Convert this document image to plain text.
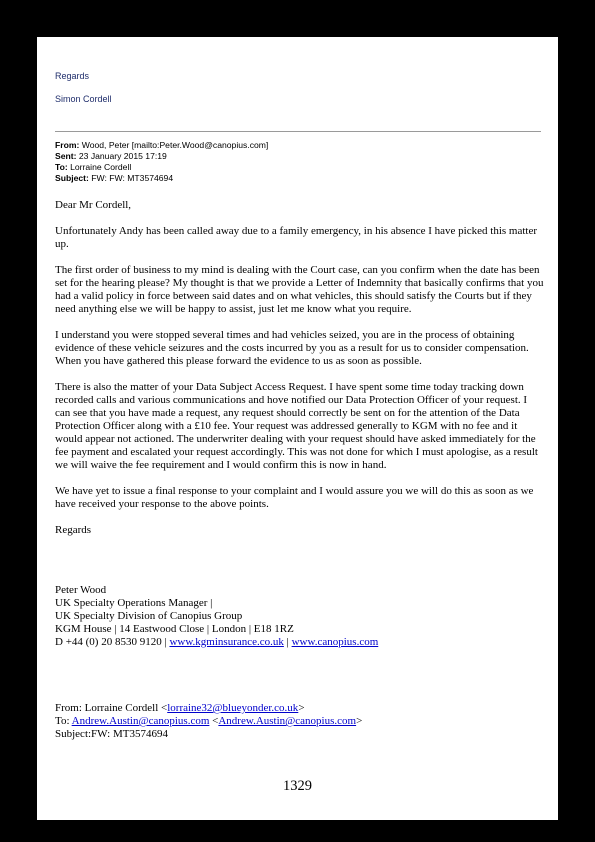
Regards
Simon Cordell
From: Wood, Peter [mailto:Peter.Wood@canopius.com]
Sent: 23 January 2015 17:19
To: Lorraine Cordell
Subject: FW: FW: MT3574694

Dear Mr Cordell,

Unfortunately Andy has been called away due to a family emergency, in his absence I have picked this matter up.

The first order of business to my mind is dealing with the Court case, can you confirm when the date has been set for the hearing please? My thought is that we provide a Letter of Indemnity that basically confirms that you had a valid policy in force between said dates and on what vehicles, this should satisfy the Courts but if they need anything else we will be happy to assist, just let me know what you require.

I understand you were stopped several times and had vehicles seized, you are in the process of obtaining evidence of these vehicle seizures and the costs incurred by you as a result for us to consider compensation. When you have gathered this please forward the evidence to us as soon as possible.

There is also the matter of your Data Subject Access Request. I have spent some time today tracking down recorded calls and various communications and hove notified our Data Protection Officer of your request. I can see that you have made a request, any request should correctly be sent on for the attention of the Data Protection Officer along with a £10 fee. Your request was addressed generally to KGM with no fee and it would appear not actioned. The underwriter dealing with your request should have asked immediately for the fee payment and escalated your request accordingly. This was not done for which I must apologise, as a result we will waive the fee requirement and I would confirm this is now in hand.

We have yet to issue a final response to your complaint and I would assure you we will do this as soon as we have received your response to the above points.

Regards

Peter Wood
UK Specialty Operations Manager |
UK Specialty Division of Canopius Group
KGM House | 14 Eastwood Close | London | E18 1RZ
D +44 (0) 20 8530 9120 | www.kgminsurance.co.uk | www.canopius.com
From: Lorraine Cordell <lorraine32@blueyonder.co.uk>
To: Andrew.Austin@canopius.com <Andrew.Austin@canopius.com>
Subject:FW: MT3574694
1329
